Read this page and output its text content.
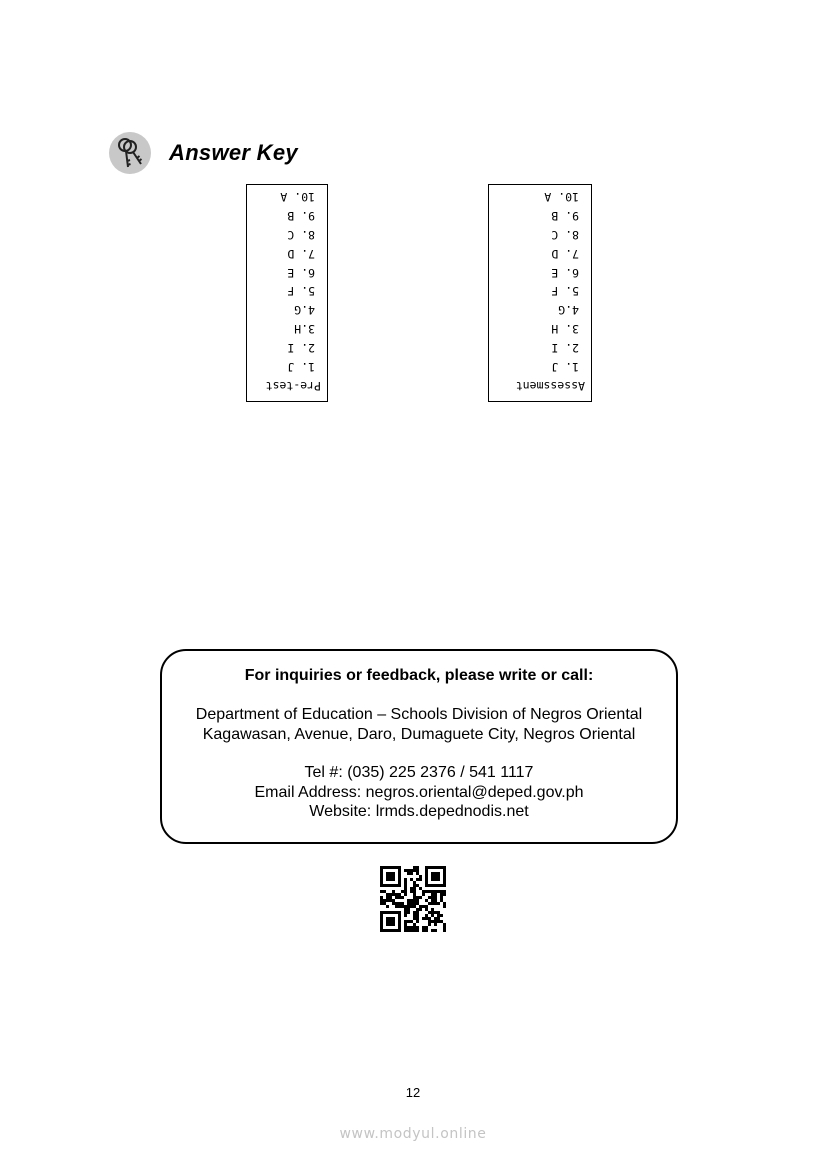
Answer Key
Pre-test
1. J
2. I
3.H
4.G
5. F
6. E
7. D
8. C
9. B
10. A
Assessment
1. J
2. I
3. H
4.G
5. F
6. E
7. D
8. C
9. B
10. A
For inquiries or feedback, please write or call:
Department of Education – Schools Division of Negros Oriental
Kagawasan, Avenue, Daro, Dumaguete City, Negros Oriental
Tel #: (035) 225 2376 / 541 1117
Email Address: negros.oriental@deped.gov.ph
Website: lrmds.depednodis.net
12
www.modyul.online
